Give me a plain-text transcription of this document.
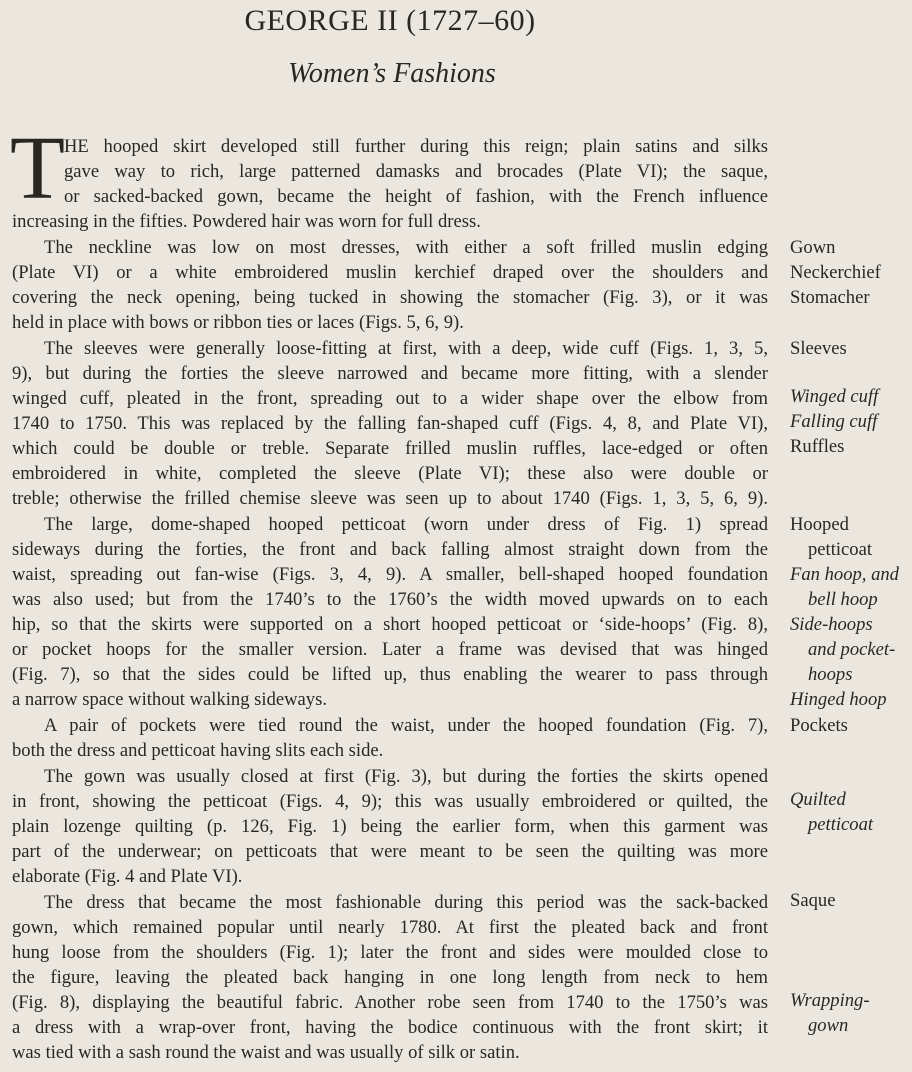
GEORGE II (1727–60)
Women’s Fashions
T HE hooped skirt developed still further during this reign; plain satins and silks
gave way to rich, large patterned damasks and brocades (Plate VI); the saque,
or sacked-backed gown, became the height of fashion, with the French influence
increasing in the fifties. Powdered hair was worn for full dress.
The neckline was low on most dresses, with either a soft frilled muslin edging
(Plate VI) or a white embroidered muslin kerchief draped over the shoulders and
covering the neck opening, being tucked in showing the stomacher (Fig. 3), or it was
held in place with bows or ribbon ties or laces (Figs. 5, 6, 9).
The sleeves were generally loose-fitting at first, with a deep, wide cuff (Figs. 1, 3, 5,
9), but during the forties the sleeve narrowed and became more fitting, with a slender
winged cuff, pleated in the front, spreading out to a wider shape over the elbow from
1740 to 1750. This was replaced by the falling fan-shaped cuff (Figs. 4, 8, and Plate VI),
which could be double or treble. Separate frilled muslin ruffles, lace-edged or often
embroidered in white, completed the sleeve (Plate VI); these also were double or
treble; otherwise the frilled chemise sleeve was seen up to about 1740 (Figs. 1, 3, 5, 6, 9).
The large, dome-shaped hooped petticoat (worn under dress of Fig. 1) spread
sideways during the forties, the front and back falling almost straight down from the
waist, spreading out fan-wise (Figs. 3, 4, 9). A smaller, bell-shaped hooped foundation
was also used; but from the 1740’s to the 1760’s the width moved upwards on to each
hip, so that the skirts were supported on a short hooped petticoat or ‘side-hoops’ (Fig. 8),
or pocket hoops for the smaller version. Later a frame was devised that was hinged
(Fig. 7), so that the sides could be lifted up, thus enabling the wearer to pass through
a narrow space without walking sideways.
A pair of pockets were tied round the waist, under the hooped foundation (Fig. 7),
both the dress and petticoat having slits each side.
The gown was usually closed at first (Fig. 3), but during the forties the skirts opened
in front, showing the petticoat (Figs. 4, 9); this was usually embroidered or quilted, the
plain lozenge quilting (p. 126, Fig. 1) being the earlier form, when this garment was
part of the underwear; on petticoats that were meant to be seen the quilting was more
elaborate (Fig. 4 and Plate VI).
The dress that became the most fashionable during this period was the sack-backed
gown, which remained popular until nearly 1780. At first the pleated back and front
hung loose from the shoulders (Fig. 1); later the front and sides were moulded close to
the figure, leaving the pleated back hanging in one long length from neck to hem
(Fig. 8), displaying the beautiful fabric. Another robe seen from 1740 to the 1750’s was
a dress with a wrap-over front, having the bodice continuous with the front skirt; it
was tied with a sash round the waist and was usually of silk or satin.
Gown
Neckerchief
Stomacher
Sleeves
Winged cuff
Falling cuff
Ruffles
Hooped
petticoat
Fan hoop, and
bell hoop
Side-hoops
and pocket-
hoops
Hinged hoop
Pockets
Quilted
petticoat
Saque
Wrapping-
gown
